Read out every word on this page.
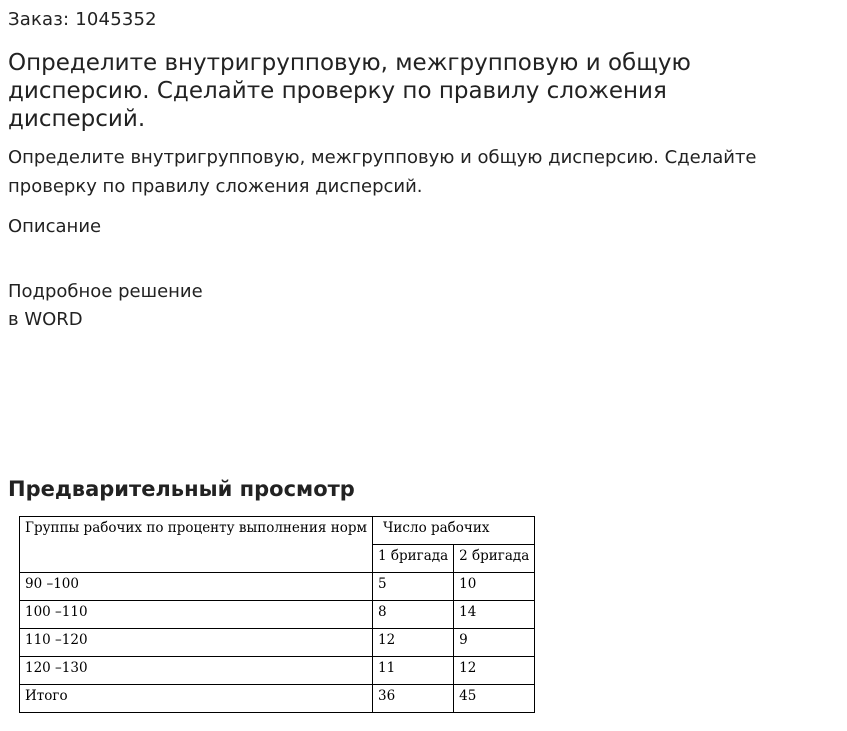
Заказ: 1045352
Определите внутригрупповую, межгрупповую и общую дисперсию. Сделайте проверку по правилу сложения дисперсий.
Определите внутригрупповую, межгрупповую и общую дисперсию. Сделайте проверку по правилу сложения дисперсий.
Описание
Подробное решение
в WORD
Предварительный просмотр
Группы рабочих по проценту выполнения норм	Число рабочих	
	1 бригада	2 бригада
90 –100	5	10
100 –110	8	14
110 –120	12	9
120 –130	11	12
Итого	36	45
